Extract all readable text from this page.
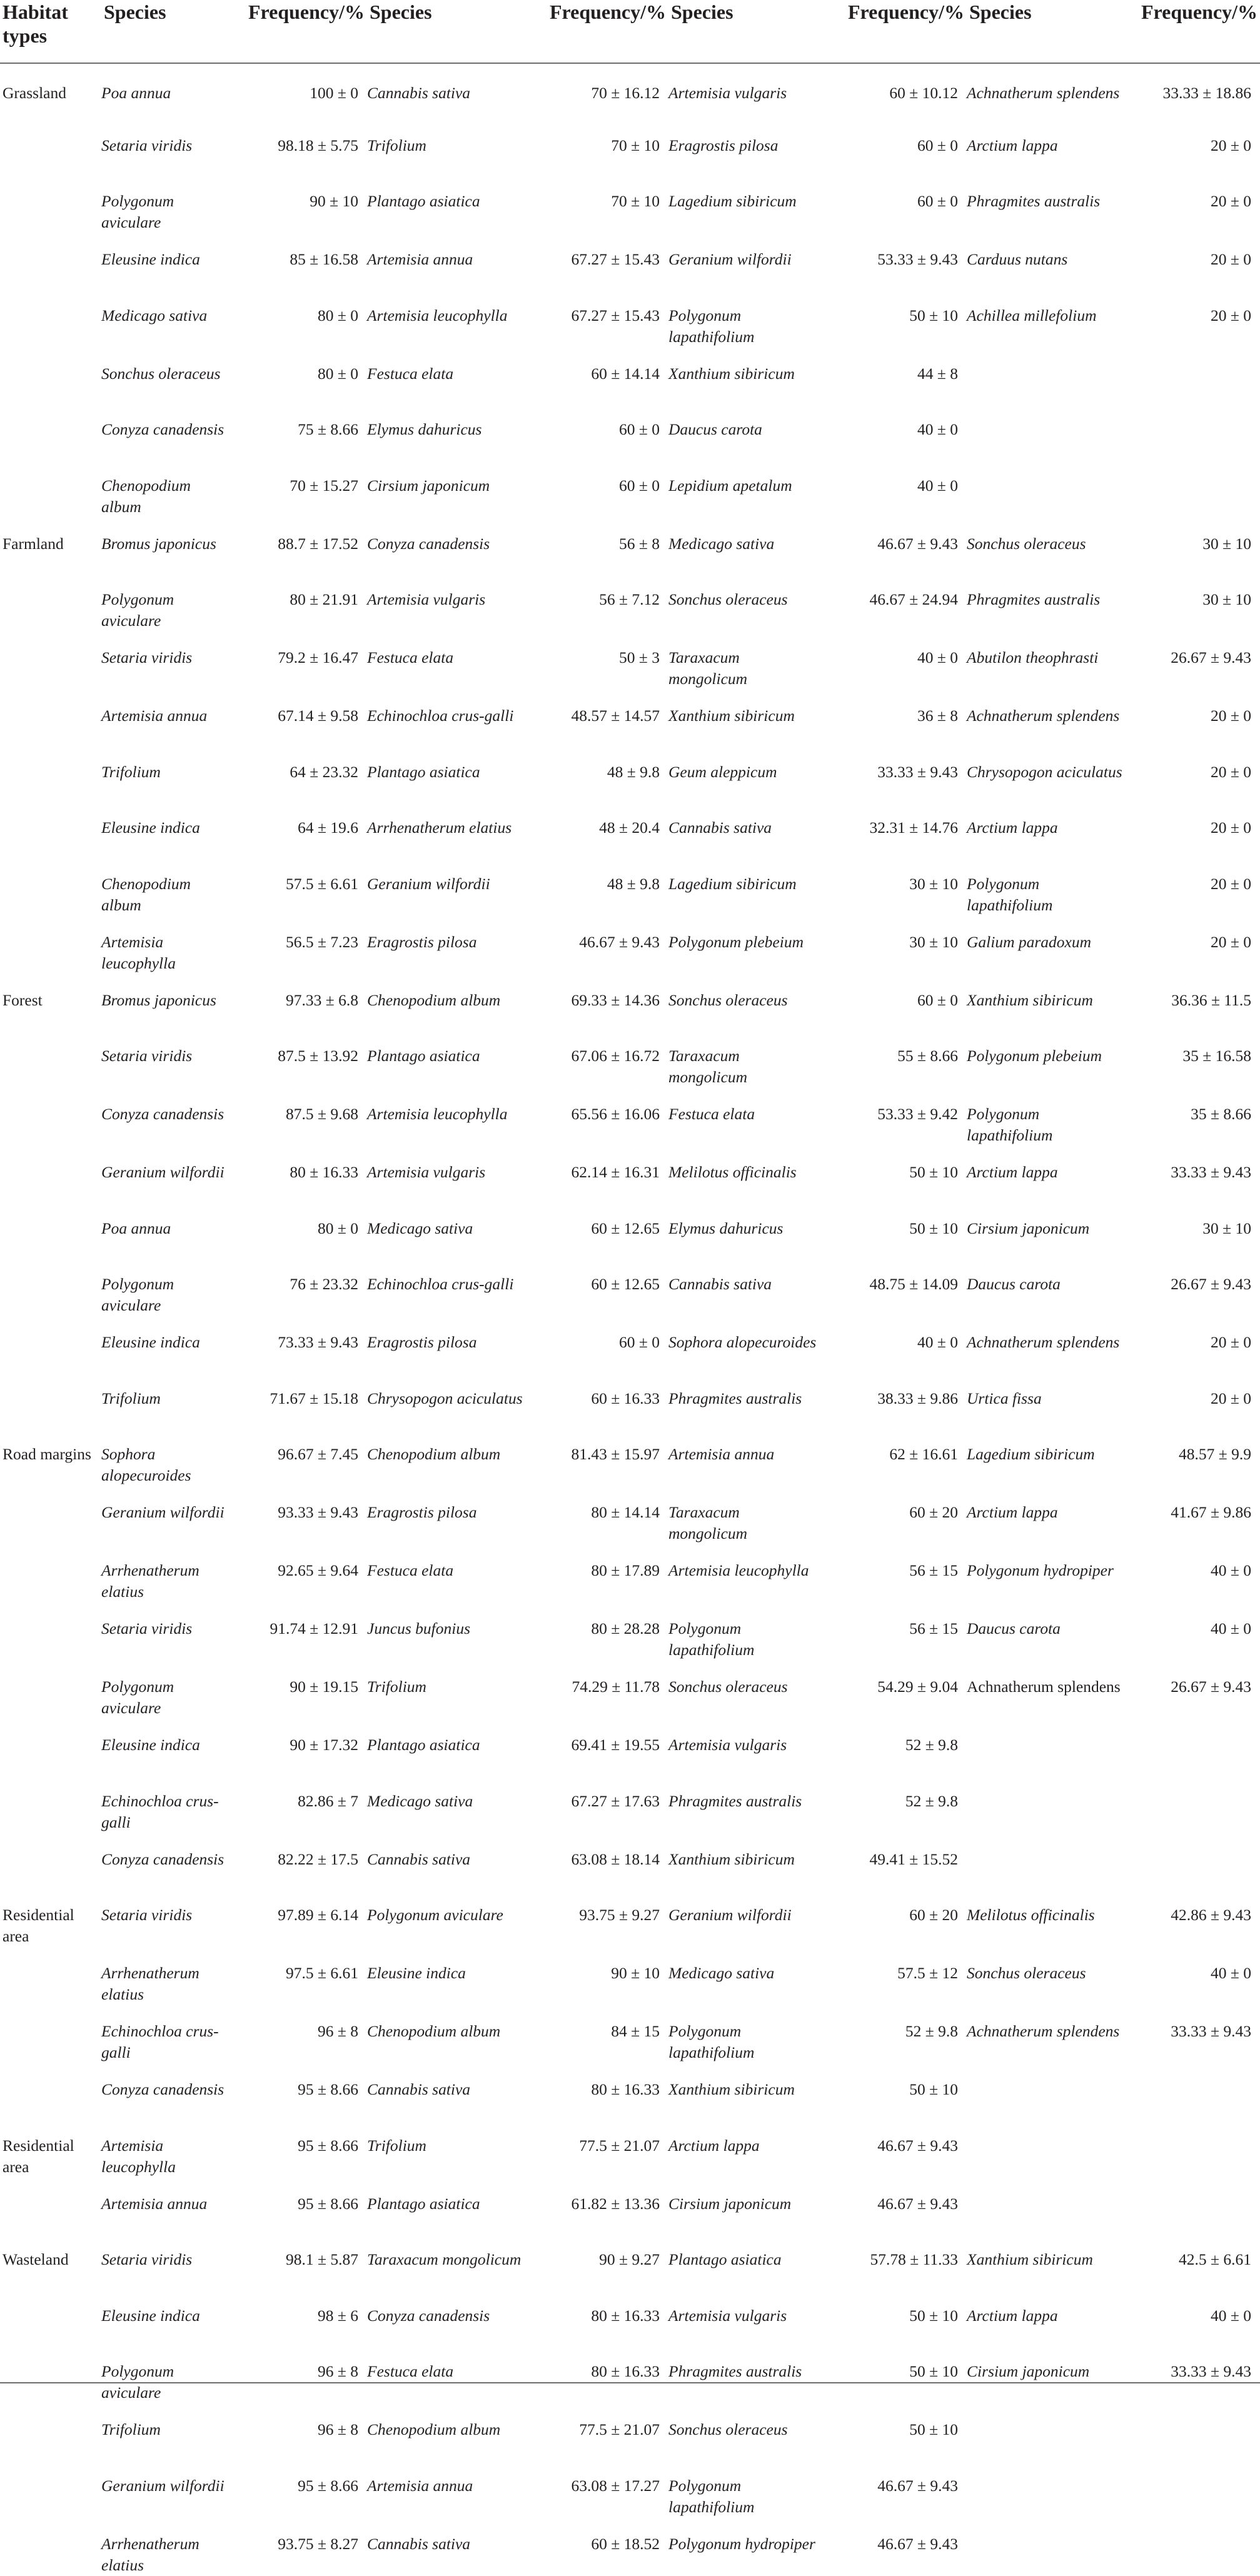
Habitat types	Species	Frequency/%	Species	Frequency/%	Species	Frequency/%	Species	Frequency/%

Grassland	Poa annua	100 ± 0	Cannabis sativa	70 ± 16.12	Artemisia vulgaris	60 ± 10.12	Achnatherum splendens	33.33 ± 18.86

	Setaria viridis	98.18 ± 5.75	Trifolium	70 ± 10	Eragrostis pilosa	60 ± 0	Arctium lappa	20 ± 0

	Polygonum aviculare	90 ± 10	Plantago asiatica	70 ± 10	Lagedium sibiricum	60 ± 0	Phragmites australis	20 ± 0

	Eleusine indica	85 ± 16.58	Artemisia annua	67.27 ± 15.43	Geranium wilfordii	53.33 ± 9.43	Carduus nutans	20 ± 0

	Medicago sativa	80 ± 0	Artemisia leucophylla	67.27 ± 15.43	Polygonum lapathifolium	50 ± 10	Achillea millefolium	20 ± 0

	Sonchus oleraceus	80 ± 0	Festuca elata	60 ± 14.14	Xanthium sibiricum	44 ± 8		

	Conyza canadensis	75 ± 8.66	Elymus dahuricus	60 ± 0	Daucus carota	40 ± 0		

	Chenopodium album	70 ± 15.27	Cirsium japonicum	60 ± 0	Lepidium apetalum	40 ± 0		

Farmland	Bromus japonicus	88.7 ± 17.52	Conyza canadensis	56 ± 8	Medicago sativa	46.67 ± 9.43	Sonchus oleraceus	30 ± 10

	Polygonum aviculare	80 ± 21.91	Artemisia vulgaris	56 ± 7.12	Sonchus oleraceus	46.67 ± 24.94	Phragmites australis	30 ± 10

	Setaria viridis	79.2 ± 16.47	Festuca elata	50 ± 3	Taraxacum mongolicum	40 ± 0	Abutilon theophrasti	26.67 ± 9.43

	Artemisia annua	67.14 ± 9.58	Echinochloa crus-galli	48.57 ± 14.57	Xanthium sibiricum	36 ± 8	Achnatherum splendens	20 ± 0

	Trifolium	64 ± 23.32	Plantago asiatica	48 ± 9.8	Geum aleppicum	33.33 ± 9.43	Chrysopogon aciculatus	20 ± 0

	Eleusine indica	64 ± 19.6	Arrhenatherum elatius	48 ± 20.4	Cannabis sativa	32.31 ± 14.76	Arctium lappa	20 ± 0

	Chenopodium album	57.5 ± 6.61	Geranium wilfordii	48 ± 9.8	Lagedium sibiricum	30 ± 10	Polygonum lapathifolium	20 ± 0

	Artemisia leucophylla	56.5 ± 7.23	Eragrostis pilosa	46.67 ± 9.43	Polygonum plebeium	30 ± 10	Galium paradoxum	20 ± 0

Forest	Bromus japonicus	97.33 ± 6.8	Chenopodium album	69.33 ± 14.36	Sonchus oleraceus	60 ± 0	Xanthium sibiricum	36.36 ± 11.5

	Setaria viridis	87.5 ± 13.92	Plantago asiatica	67.06 ± 16.72	Taraxacum mongolicum	55 ± 8.66	Polygonum plebeium	35 ± 16.58

	Conyza canadensis	87.5 ± 9.68	Artemisia leucophylla	65.56 ± 16.06	Festuca elata	53.33 ± 9.42	Polygonum lapathifolium	35 ± 8.66

	Geranium wilfordii	80 ± 16.33	Artemisia vulgaris	62.14 ± 16.31	Melilotus officinalis	50 ± 10	Arctium lappa	33.33 ± 9.43

	Poa annua	80 ± 0	Medicago sativa	60 ± 12.65	Elymus dahuricus	50 ± 10	Cirsium japonicum	30 ± 10

	Polygonum aviculare	76 ± 23.32	Echinochloa crus-galli	60 ± 12.65	Cannabis sativa	48.75 ± 14.09	Daucus carota	26.67 ± 9.43

	Eleusine indica	73.33 ± 9.43	Eragrostis pilosa	60 ± 0	Sophora alopecuroides	40 ± 0	Achnatherum splendens	20 ± 0

	Trifolium	71.67 ± 15.18	Chrysopogon aciculatus	60 ± 16.33	Phragmites australis	38.33 ± 9.86	Urtica fissa	20 ± 0

Road margins	Sophora alopecuroides	96.67 ± 7.45	Chenopodium album	81.43 ± 15.97	Artemisia annua	62 ± 16.61	Lagedium sibiricum	48.57 ± 9.9

	Geranium wilfordii	93.33 ± 9.43	Eragrostis pilosa	80 ± 14.14	Taraxacum mongolicum	60 ± 20	Arctium lappa	41.67 ± 9.86

	Arrhenatherum elatius	92.65 ± 9.64	Festuca elata	80 ± 17.89	Artemisia leucophylla	56 ± 15	Polygonum hydropiper	40 ± 0

	Setaria viridis	91.74 ± 12.91	Juncus bufonius	80 ± 28.28	Polygonum lapathifolium	56 ± 15	Daucus carota	40 ± 0

	Polygonum aviculare	90 ± 19.15	Trifolium	74.29 ± 11.78	Sonchus oleraceus	54.29 ± 9.04	Achnatherum splendens	26.67 ± 9.43

	Eleusine indica	90 ± 17.32	Plantago asiatica	69.41 ± 19.55	Artemisia vulgaris	52 ± 9.8		

	Echinochloa crus-galli	82.86 ± 7	Medicago sativa	67.27 ± 17.63	Phragmites australis	52 ± 9.8		

	Conyza canadensis	82.22 ± 17.5	Cannabis sativa	63.08 ± 18.14	Xanthium sibiricum	49.41 ± 15.52		

Residential area	Setaria viridis	97.89 ± 6.14	Polygonum aviculare	93.75 ± 9.27	Geranium wilfordii	60 ± 20	Melilotus officinalis	42.86 ± 9.43

	Arrhenatherum elatius	97.5 ± 6.61	Eleusine indica	90 ± 10	Medicago sativa	57.5 ± 12	Sonchus oleraceus	40 ± 0

	Echinochloa crus-galli	96 ± 8	Chenopodium album	84 ± 15	Polygonum lapathifolium	52 ± 9.8	Achnatherum splendens	33.33 ± 9.43

	Conyza canadensis	95 ± 8.66	Cannabis sativa	80 ± 16.33	Xanthium sibiricum	50 ± 10		

Residential area	Artemisia leucophylla	95 ± 8.66	Trifolium	77.5 ± 21.07	Arctium lappa	46.67 ± 9.43		

	Artemisia annua	95 ± 8.66	Plantago asiatica	61.82 ± 13.36	Cirsium japonicum	46.67 ± 9.43		

Wasteland	Setaria viridis	98.1 ± 5.87	Taraxacum mongolicum	90 ± 9.27	Plantago asiatica	57.78 ± 11.33	Xanthium sibiricum	42.5 ± 6.61

	Eleusine indica	98 ± 6	Conyza canadensis	80 ± 16.33	Artemisia vulgaris	50 ± 10	Arctium lappa	40 ± 0

	Polygonum aviculare	96 ± 8	Festuca elata	80 ± 16.33	Phragmites australis	50 ± 10	Cirsium japonicum	33.33 ± 9.43

	Trifolium	96 ± 8	Chenopodium album	77.5 ± 21.07	Sonchus oleraceus	50 ± 10		

	Geranium wilfordii	95 ± 8.66	Artemisia annua	63.08 ± 17.27	Polygonum lapathifolium	46.67 ± 9.43		

	Arrhenatherum elatius	93.75 ± 8.27	Cannabis sativa	60 ± 18.52	Polygonum hydropiper	46.67 ± 9.43		
